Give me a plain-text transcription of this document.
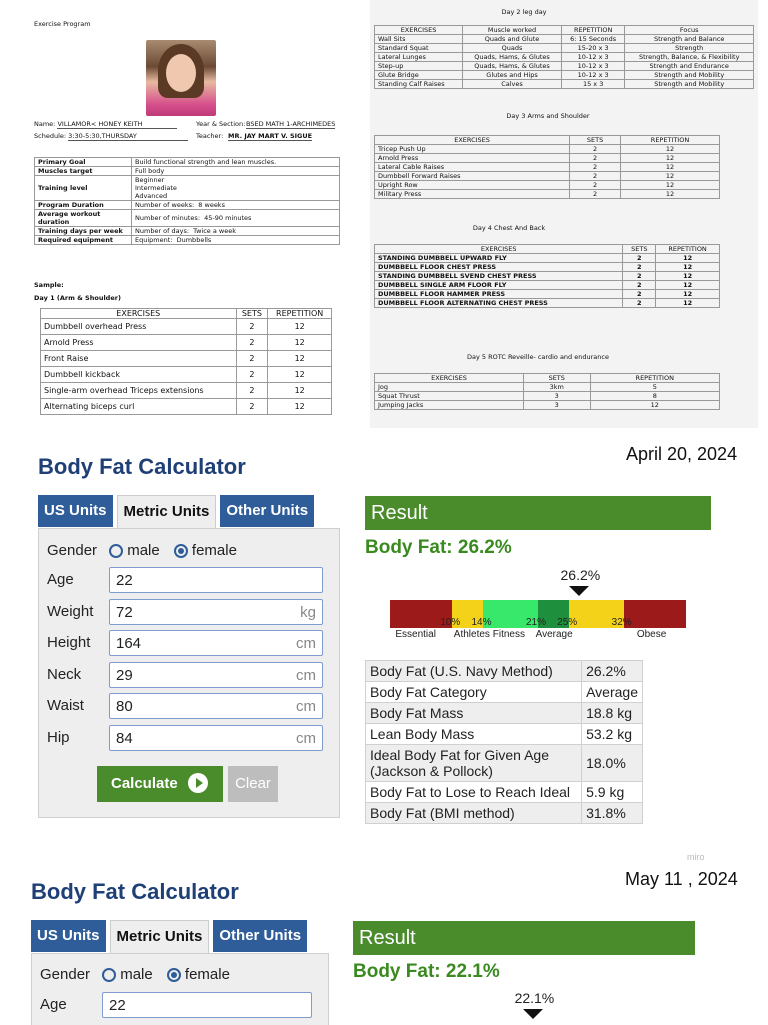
Exercise Program
Name: VILLAMOR< HONEY KEITH	Year & Section: BSED MATH 1-ARCHIMEDES
Schedule: 3:30-5:30,THURSDAY	Teacher: MR. JAY MART V. SIGUE
Primary Goal	Build functional strength and lean muscles.
Muscles target	Full body
Training level	Beginner
Intermediate
Advanced
Program Duration	Number of weeks:  8 weeks
Average workout duration	Number of minutes:  45-90 minutes
Training days per week	Number of days:  Twice a week
Required equipment	Equipment:  Dumbbells
Sample:
Day 1 (Arm & Shoulder)
EXERCISES	SETS	REPETITION
Dumbbell overhead Press	2	12
Arnold Press	2	12
Front Raise	2	12
Dumbbell kickback	2	12
Single-arm overhead Triceps extensions	2	12
Alternating biceps curl	2	12
Day 2 leg day
EXERCISES	Muscle worked	REPETITION	Focus
Wall Sits	Quads and Glute	6: 15 Seconds	Strength and Balance
Standard Squat	Quads	15-20 x 3	Strength
Lateral Lunges	Quads, Hams, & Glutes	10-12 x 3	Strength, Balance, & Flexibility
Step-up	Quads, Hams, & Glutes	10-12 x 3	Strength and Endurance
Glute Bridge	Glutes and Hips	10-12 x 3	Strength and Mobility
Standing Calf Raises	Calves	15 x 3	Strength and Mobility
Day 3 Arms and Shoulder
EXERCISES	SETS	REPETITION
Tricep Push Up	2	12
Arnold Press	2	12
Lateral Cable Raises	2	12
Dumbbell Forward Raises	2	12
Upright Row	2	12
Military Press	2	12
Day 4 Chest And Back
EXERCISES	SETS	REPETITION
STANDING DUMBBELL UPWARD FLY	2	12
DUMBBELL FLOOR CHEST PRESS	2	12
STANDING DUMBBELL SVEND CHEST PRESS	2	12
DUMBBELL SINGLE ARM FLOOR FLY	2	12
DUMBBELL FLOOR HAMMER PRESS	2	12
DUMBBELL FLOOR ALTERNATING CHEST PRESS	2	12
Day 5 ROTC Reveille- cardio and endurance
EXERCISES	SETS	REPETITION
Jog	3km	5
Squat Thrust	3	8
Jumping Jacks	3	12
April 20, 2024
Body Fat Calculator
US Units	Metric Units	Other Units
Gender male female
Age	22
Weight	72	kg
Height	164	cm
Neck	29	cm
Waist	80	cm
Hip	84	cm
Calculate	Clear
Result
Body Fat: 26.2%
26.2%
10% 14%	21% 25%	32%
Essential Athletes Fitness Average	Obese
Body Fat (U.S. Navy Method)	26.2%
Body Fat Category	Average
Body Fat Mass	18.8 kg
Lean Body Mass	53.2 kg
Ideal Body Fat for Given Age (Jackson & Pollock)	18.0%
Body Fat to Lose to Reach Ideal	5.9 kg
Body Fat (BMI method)	31.8%
miro
May 11 , 2024
Body Fat Calculator
US Units	Metric Units	Other Units
Gender male female
Age	22
Result
Body Fat: 22.1%
22.1%
